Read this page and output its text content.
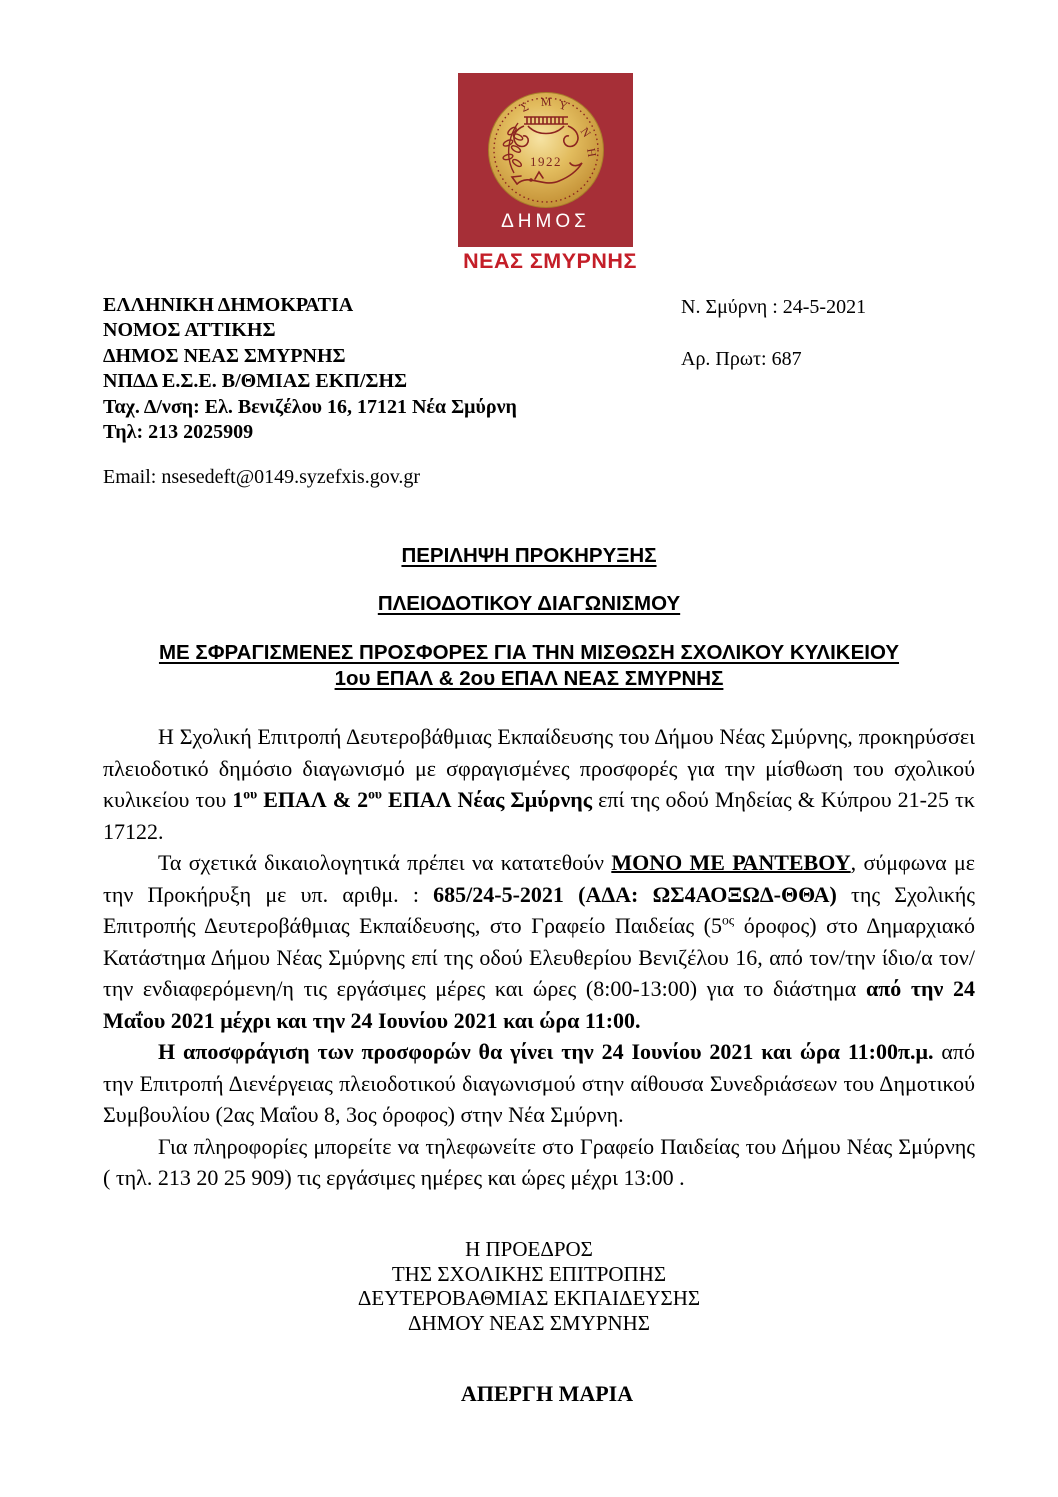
1922
Σ Μ Υ
Ν
Η
ΔΗΜΟΣ
ΝΕΑΣ ΣΜΥΡΝΗΣ
ΕΛΛΗΝΙΚΗ ΔΗΜΟΚΡΑΤΙΑ
ΝΟΜΟΣ ΑΤΤΙΚΗΣ
ΔΗΜΟΣ ΝΕΑΣ ΣΜΥΡΝΗΣ
ΝΠΔΔ Ε.Σ.Ε. Β/ΘΜΙΑΣ ΕΚΠ/ΣΗΣ
Ταχ. Δ/νση: Ελ. Βενιζέλου 16, 17121 Νέα Σμύρνη
Τηλ: 213 2025909
Ν. Σμύρνη : 24-5-2021
Αρ. Πρωτ: 687
Email: nsesedeft@0149.syzefxis.gov.gr
ΠΕΡΙΛΗΨΗ ΠΡΟΚΗΡΥΞΗΣ
ΠΛΕΙΟΔΟΤΙΚΟΥ ΔΙΑΓΩΝΙΣΜΟΥ
ΜΕ ΣΦΡΑΓΙΣΜΕΝΕΣ ΠΡΟΣΦΟΡΕΣ ΓΙΑ ΤΗΝ ΜΙΣΘΩΣΗ ΣΧΟΛΙΚΟΥ ΚΥΛΙΚΕΙΟΥ
1ου ΕΠΑΛ & 2ου ΕΠΑΛ ΝΕΑΣ ΣΜΥΡΝΗΣ

Η Σχολική Επιτροπή Δευτεροβάθμιας Εκπαίδευσης του Δήμου Νέας Σμύρνης, προκηρύσσει πλειοδοτικό δημόσιο διαγωνισμό με σφραγισμένες προσφορές για την μίσθωση του σχολικού κυλικείου του $1^{o\upsilon}$ ΕΠΑΛ & $2^{o\upsilon}$ ΕΠΑΛ Νέας Σμύρνης επί της οδού Μηδείας & Κύπρου 21-25 τκ 17122.

Τα σχετικά δικαιολογητικά πρέπει να κατατεθούν ΜΟΝΟ ΜΕ ΡΑΝΤΕΒΟΥ, σύμφωνα με την Προκήρυξη με υπ. αριθμ. : 685/24-5-2021 (ΑΔΑ: ΩΣ4ΑΟΞΩΔ-ΘΘΑ) της Σχολικής Επιτροπής Δευτεροβάθμιας Εκπαίδευσης, στο Γραφείο Παιδείας ($5^{o\varsigma}$ όροφος) στο Δημαρχιακό Κατάστημα Δήμου Νέας Σμύρνης επί της οδού Ελευθερίου Βενιζέλου 16, από τον/την ίδιο/α τον/την ενδιαφερόμενη/η τις εργάσιμες μέρες και ώρες (8:00-13:00) για το διάστημα από την 24 Μαΐου 2021 μέχρι και την 24 Ιουνίου 2021 και ώρα 11:00.

Η αποσφράγιση των προσφορών θα γίνει την 24 Ιουνίου 2021 και ώρα 11:00π.μ. από την Επιτροπή Διενέργειας πλειοδοτικού διαγωνισμού στην αίθουσα Συνεδριάσεων του Δημοτικού Συμβουλίου (2ας Μαΐου 8, 3ος όροφος) στην Νέα Σμύρνη.

Για πληροφορίες μπορείτε να τηλεφωνείτε στο Γραφείο Παιδείας του Δήμου Νέας Σμύρνης ( τηλ. 213 20 25 909) τις εργάσιμες ημέρες και ώρες μέχρι 13:00 .

Η ΠΡΟΕΔΡΟΣ
ΤΗΣ ΣΧΟΛΙΚΗΣ ΕΠΙΤΡΟΠΗΣ
ΔΕΥΤΕΡΟΒΑΘΜΙΑΣ ΕΚΠΑΙΔΕΥΣΗΣ
ΔΗΜΟΥ ΝΕΑΣ ΣΜΥΡΝΗΣ
ΑΠΕΡΓΗ ΜΑΡΙΑ
